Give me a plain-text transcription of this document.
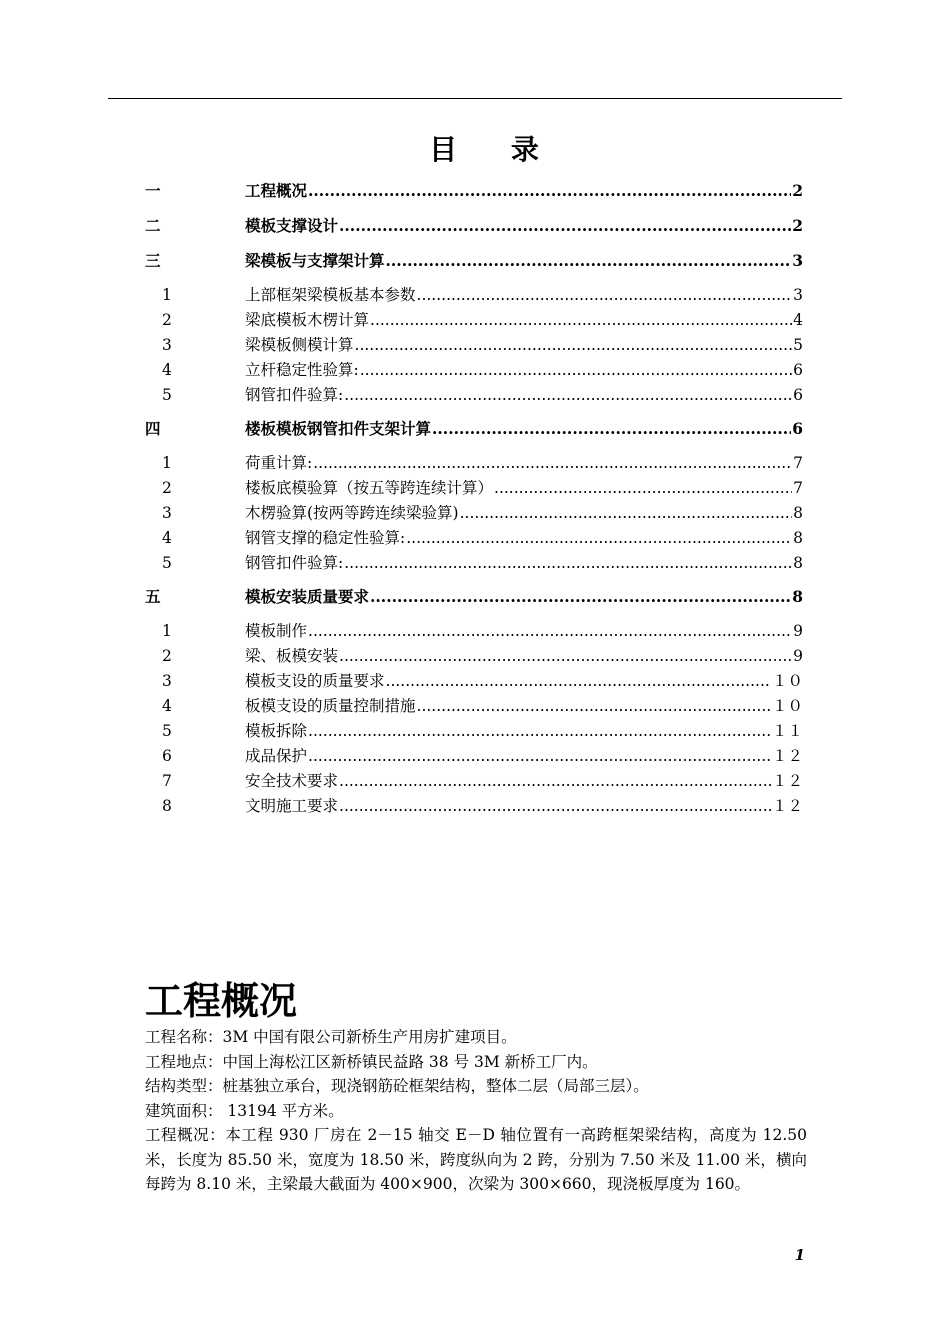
目 录
一	工程概况 .....	2
二	模板支撑设计 .....	2
三	梁模板与支撑架计算 .....	3
1	上部框架梁模板基本参数 .....	3
2	梁底模板木楞计算 .....	4
3	梁模板侧模计算 .....	5
4	立杆稳定性验算: .....	6
5	钢管扣件验算: .....	6
四	楼板模板钢管扣件支架计算 .....	6
1	荷重计算: .....	7
2	楼板底模验算（按五等跨连续计算） .....	7
3	木楞验算(按两等跨连续梁验算) .....	8
4	钢管支撑的稳定性验算: .....	8
5	钢管扣件验算: .....	8
五	模板安装质量要求 .....	8
1	模板制作 .....	9
2	梁、板模安装 .....	9
3	模板支设的质量要求 .....	１０
4	板模支设的质量控制措施 .....	１０
5	模板拆除 .....	１１
6	成品保护 .....	１２
7	安全技术要求 .....	１２
8	文明施工要求 .....	１２
工程概况

工程名称：3M 中国有限公司新桥生产用房扩建项目。

工程地点：中国上海松江区新桥镇民益路 38 号 3M 新桥工厂内。

结构类型：桩基独立承台，现浇钢筋砼框架结构，整体二层（局部三层）。

建筑面积： 13194 平方米。

工程概况：本工程 930 厂房在 2－15 轴交 E－D 轴位置有一高跨框架梁结构，高度为 12.50 米，长度为 85.50 米，宽度为 18.50 米，跨度纵向为 2 跨，分别为 7.50 米及 11.00 米，横向每跨为 8.10 米，主梁最大截面为 400×900，次梁为 300×660，现浇板厚度为 160。

1
